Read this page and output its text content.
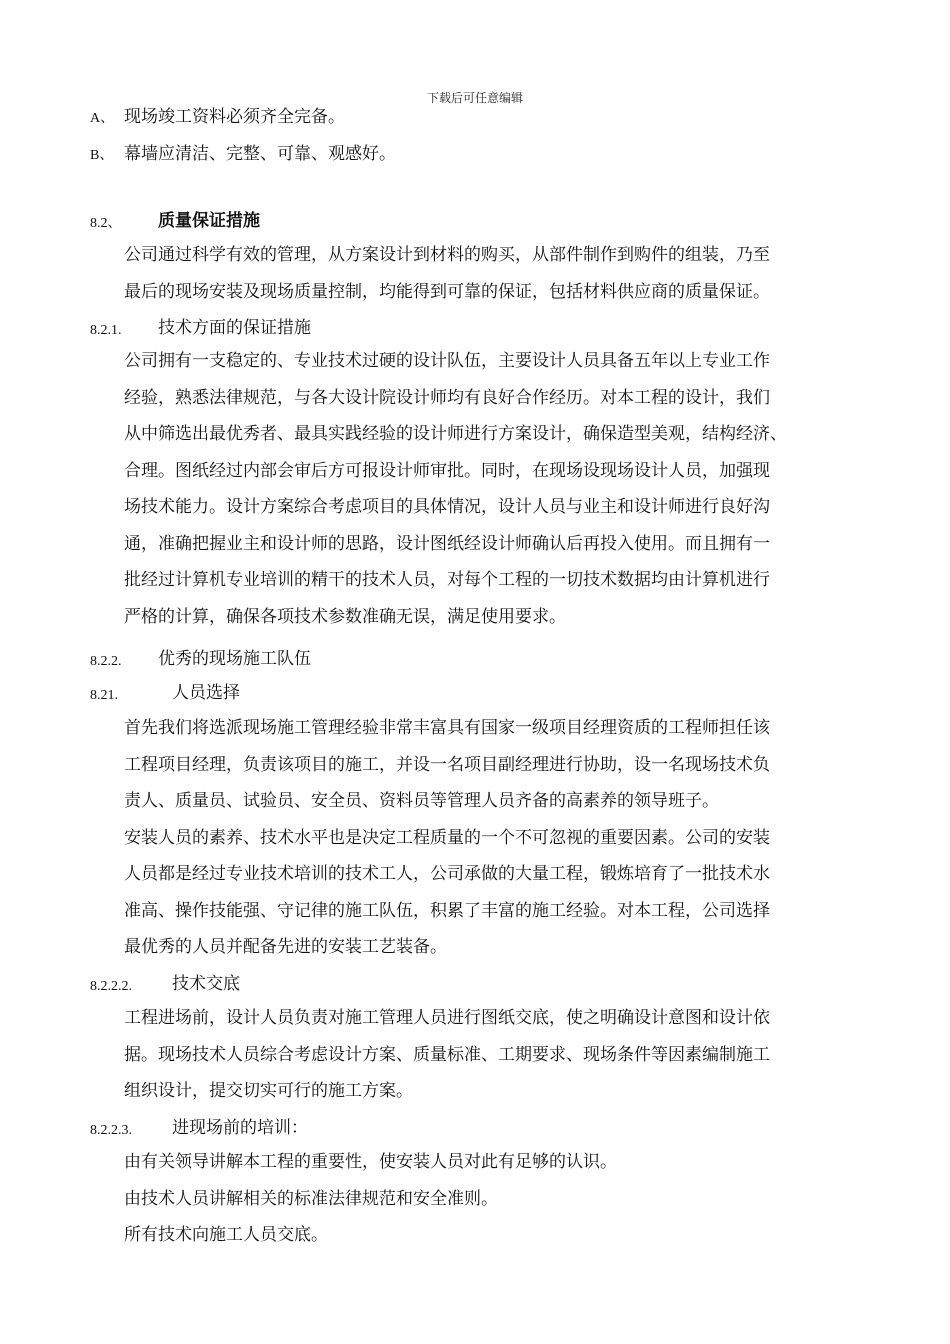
下载后可任意编辑
A、 现场竣工资料必须齐全完备。
B、 幕墙应清洁、完整、可靠、观感好。
8.2、 质量保证措施
公司通过科学有效的管理，从方案设计到材料的购买，从部件制作到购件的组装，乃至
最后的现场安装及现场质量控制，均能得到可靠的保证，包括材料供应商的质量保证。
8.2.1. 技术方面的保证措施
公司拥有一支稳定的、专业技术过硬的设计队伍，主要设计人员具备五年以上专业工作
经验，熟悉法律规范，与各大设计院设计师均有良好合作经历。对本工程的设计，我们
从中筛选出最优秀者、最具实践经验的设计师进行方案设计，确保造型美观，结构经济、
合理。图纸经过内部会审后方可报设计师审批。同时，在现场设现场设计人员，加强现
场技术能力。设计方案综合考虑项目的具体情况，设计人员与业主和设计师进行良好沟
通，准确把握业主和设计师的思路，设计图纸经设计师确认后再投入使用。而且拥有一
批经过计算机专业培训的精干的技术人员，对每个工程的一切技术数据均由计算机进行
严格的计算，确保各项技术参数准确无误，满足使用要求。
8.2.2. 优秀的现场施工队伍
8.21.	人员选择
首先我们将选派现场施工管理经验非常丰富具有国家一级项目经理资质的工程师担任该
工程项目经理，负责该项目的施工，并设一名项目副经理进行协助，设一名现场技术负
责人、质量员、试验员、安全员、资料员等管理人员齐备的高素养的领导班子。
安装人员的素养、技术水平也是决定工程质量的一个不可忽视的重要因素。公司的安装
人员都是经过专业技术培训的技术工人，公司承做的大量工程，锻炼培育了一批技术水
准高、操作技能强、守记律的施工队伍，积累了丰富的施工经验。对本工程，公司选择
最优秀的人员并配备先进的安装工艺装备。
8.2.2.2. 技术交底
工程进场前，设计人员负责对施工管理人员进行图纸交底，使之明确设计意图和设计依
据。现场技术人员综合考虑设计方案、质量标准、工期要求、现场条件等因素编制施工
组织设计，提交切实可行的施工方案。
8.2.2.3. 进现场前的培训：
由有关领导讲解本工程的重要性，使安装人员对此有足够的认识。
由技术人员讲解相关的标准法律规范和安全准则。
所有技术向施工人员交底。
